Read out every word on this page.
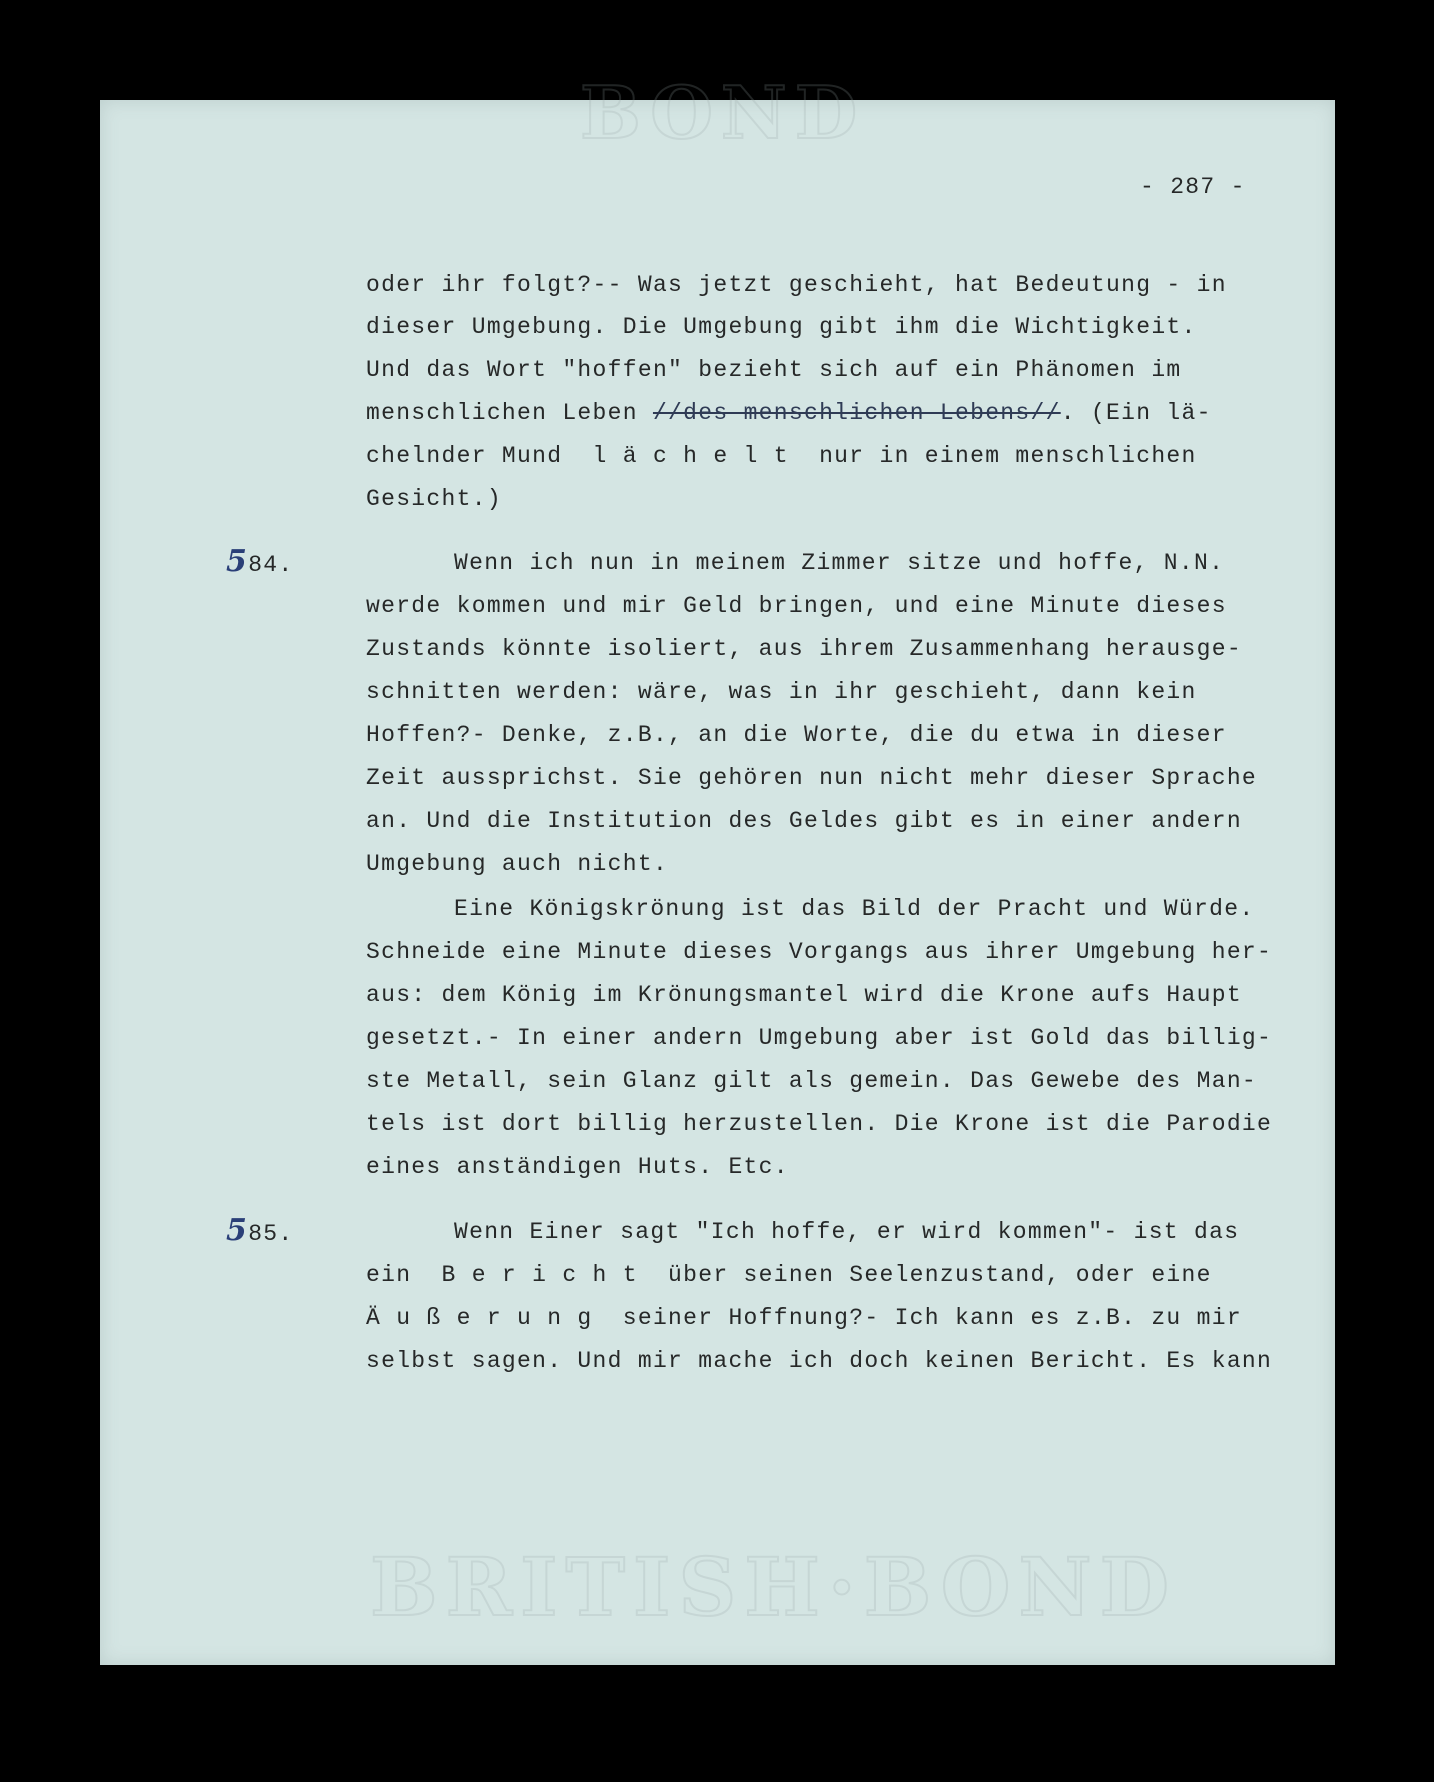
BOND
BRITISH·BOND
- 287 -
oder ihr folgt?-- Was jetzt geschieht, hat Bedeutung - in
dieser Umgebung. Die Umgebung gibt ihm die Wichtigkeit.
Und das Wort "hoffen" bezieht sich auf ein Phänomen im
menschlichen Leben //des menschlichen Lebens//. (Ein lä-
chelnder Mund  l ä c h e l t  nur in einem menschlichen
Gesicht.)
584.	Wenn ich nun in meinem Zimmer sitze und hoffe, N.N.
werde kommen und mir Geld bringen, und eine Minute dieses
Zustands könnte isoliert, aus ihrem Zusammenhang herausge-
schnitten werden: wäre, was in ihr geschieht, dann kein
Hoffen?- Denke, z.B., an die Worte, die du etwa in dieser
Zeit aussprichst. Sie gehören nun nicht mehr dieser Sprache
an. Und die Institution des Geldes gibt es in einer andern
Umgebung auch nicht.
Eine Königskrönung ist das Bild der Pracht und Würde.
Schneide eine Minute dieses Vorgangs aus ihrer Umgebung her-
aus: dem König im Krönungsmantel wird die Krone aufs Haupt
gesetzt.- In einer andern Umgebung aber ist Gold das billig-
ste Metall, sein Glanz gilt als gemein. Das Gewebe des Man-
tels ist dort billig herzustellen. Die Krone ist die Parodie
eines anständigen Huts. Etc.
585.	Wenn Einer sagt "Ich hoffe, er wird kommen"- ist das
ein  B e r i c h t  über seinen Seelenzustand, oder eine
Ä u ß e r u n g  seiner Hoffnung?- Ich kann es z.B. zu mir
selbst sagen. Und mir mache ich doch keinen Bericht. Es kann
